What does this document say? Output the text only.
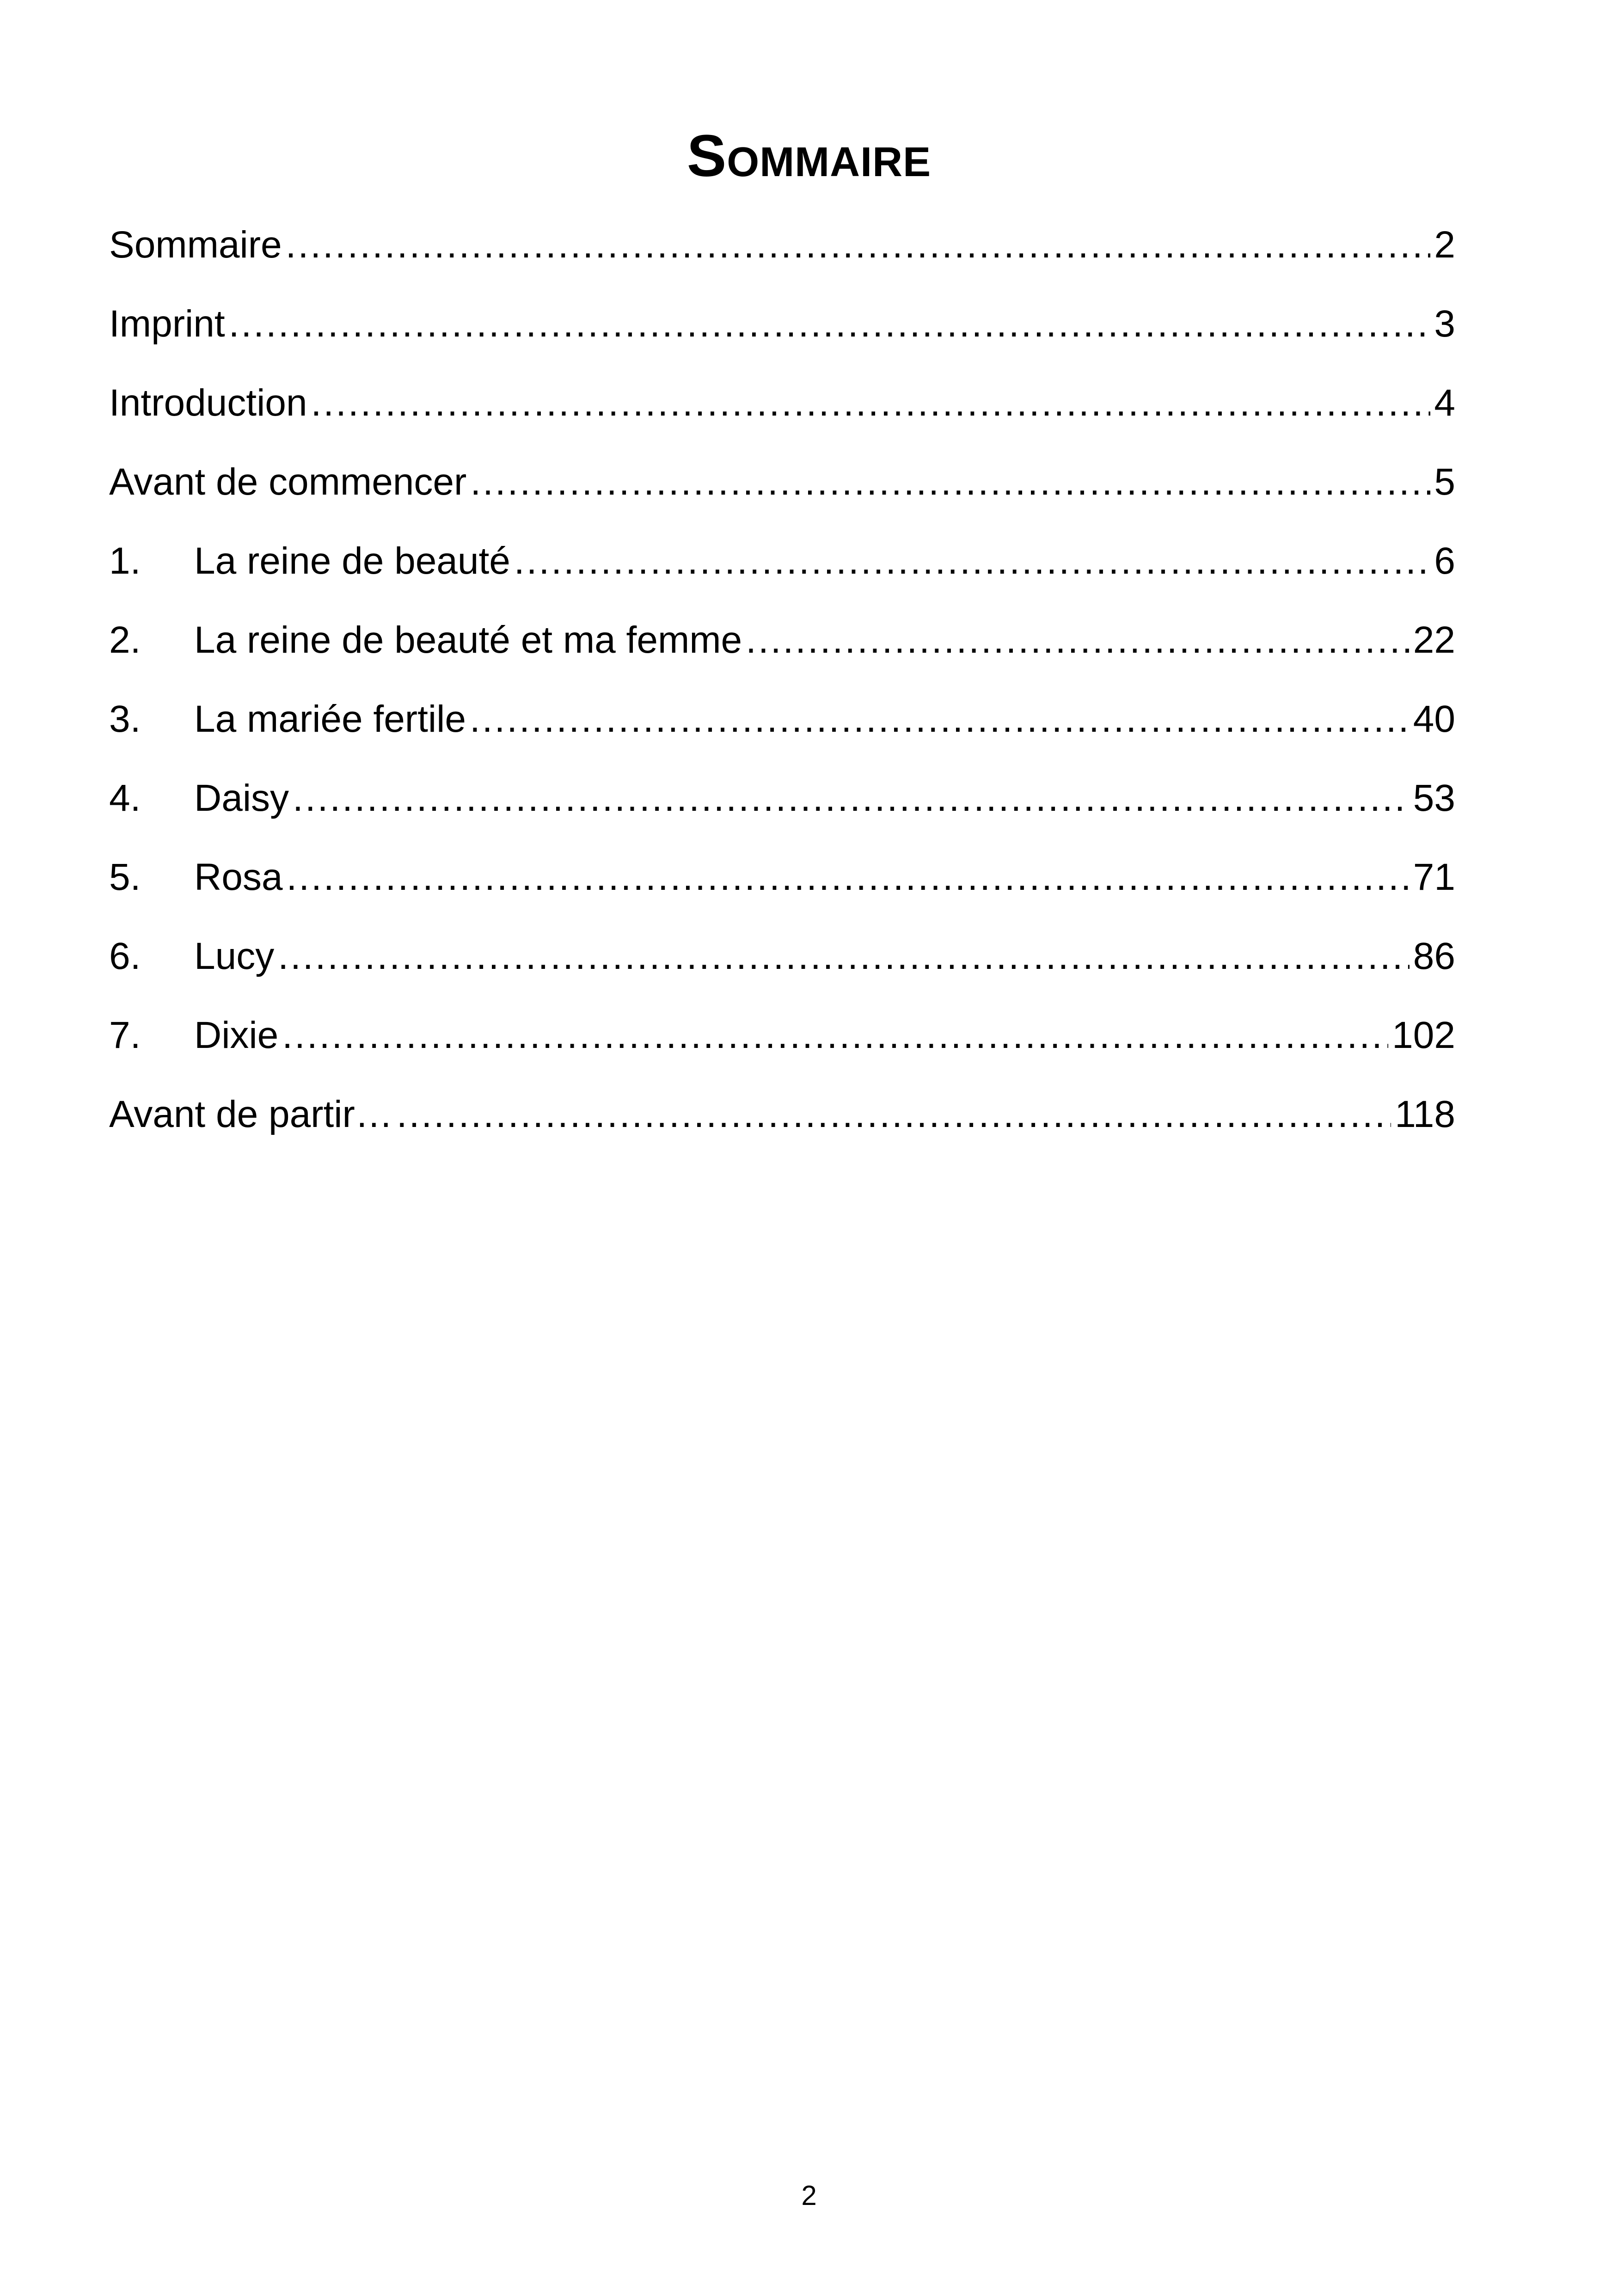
Sommaire
Sommaire .....	2
Imprint .....	3
Introduction .....	4
Avant de commencer .....	5
1.	La reine de beauté .....	6
2.	La reine de beauté et ma femme .....	22
3.	La mariée fertile .....	40
4.	Daisy .....	53
5.	Rosa .....	71
6.	Lucy .....	86
7.	Dixie .....	102
Avant de partir… .....	118
2
